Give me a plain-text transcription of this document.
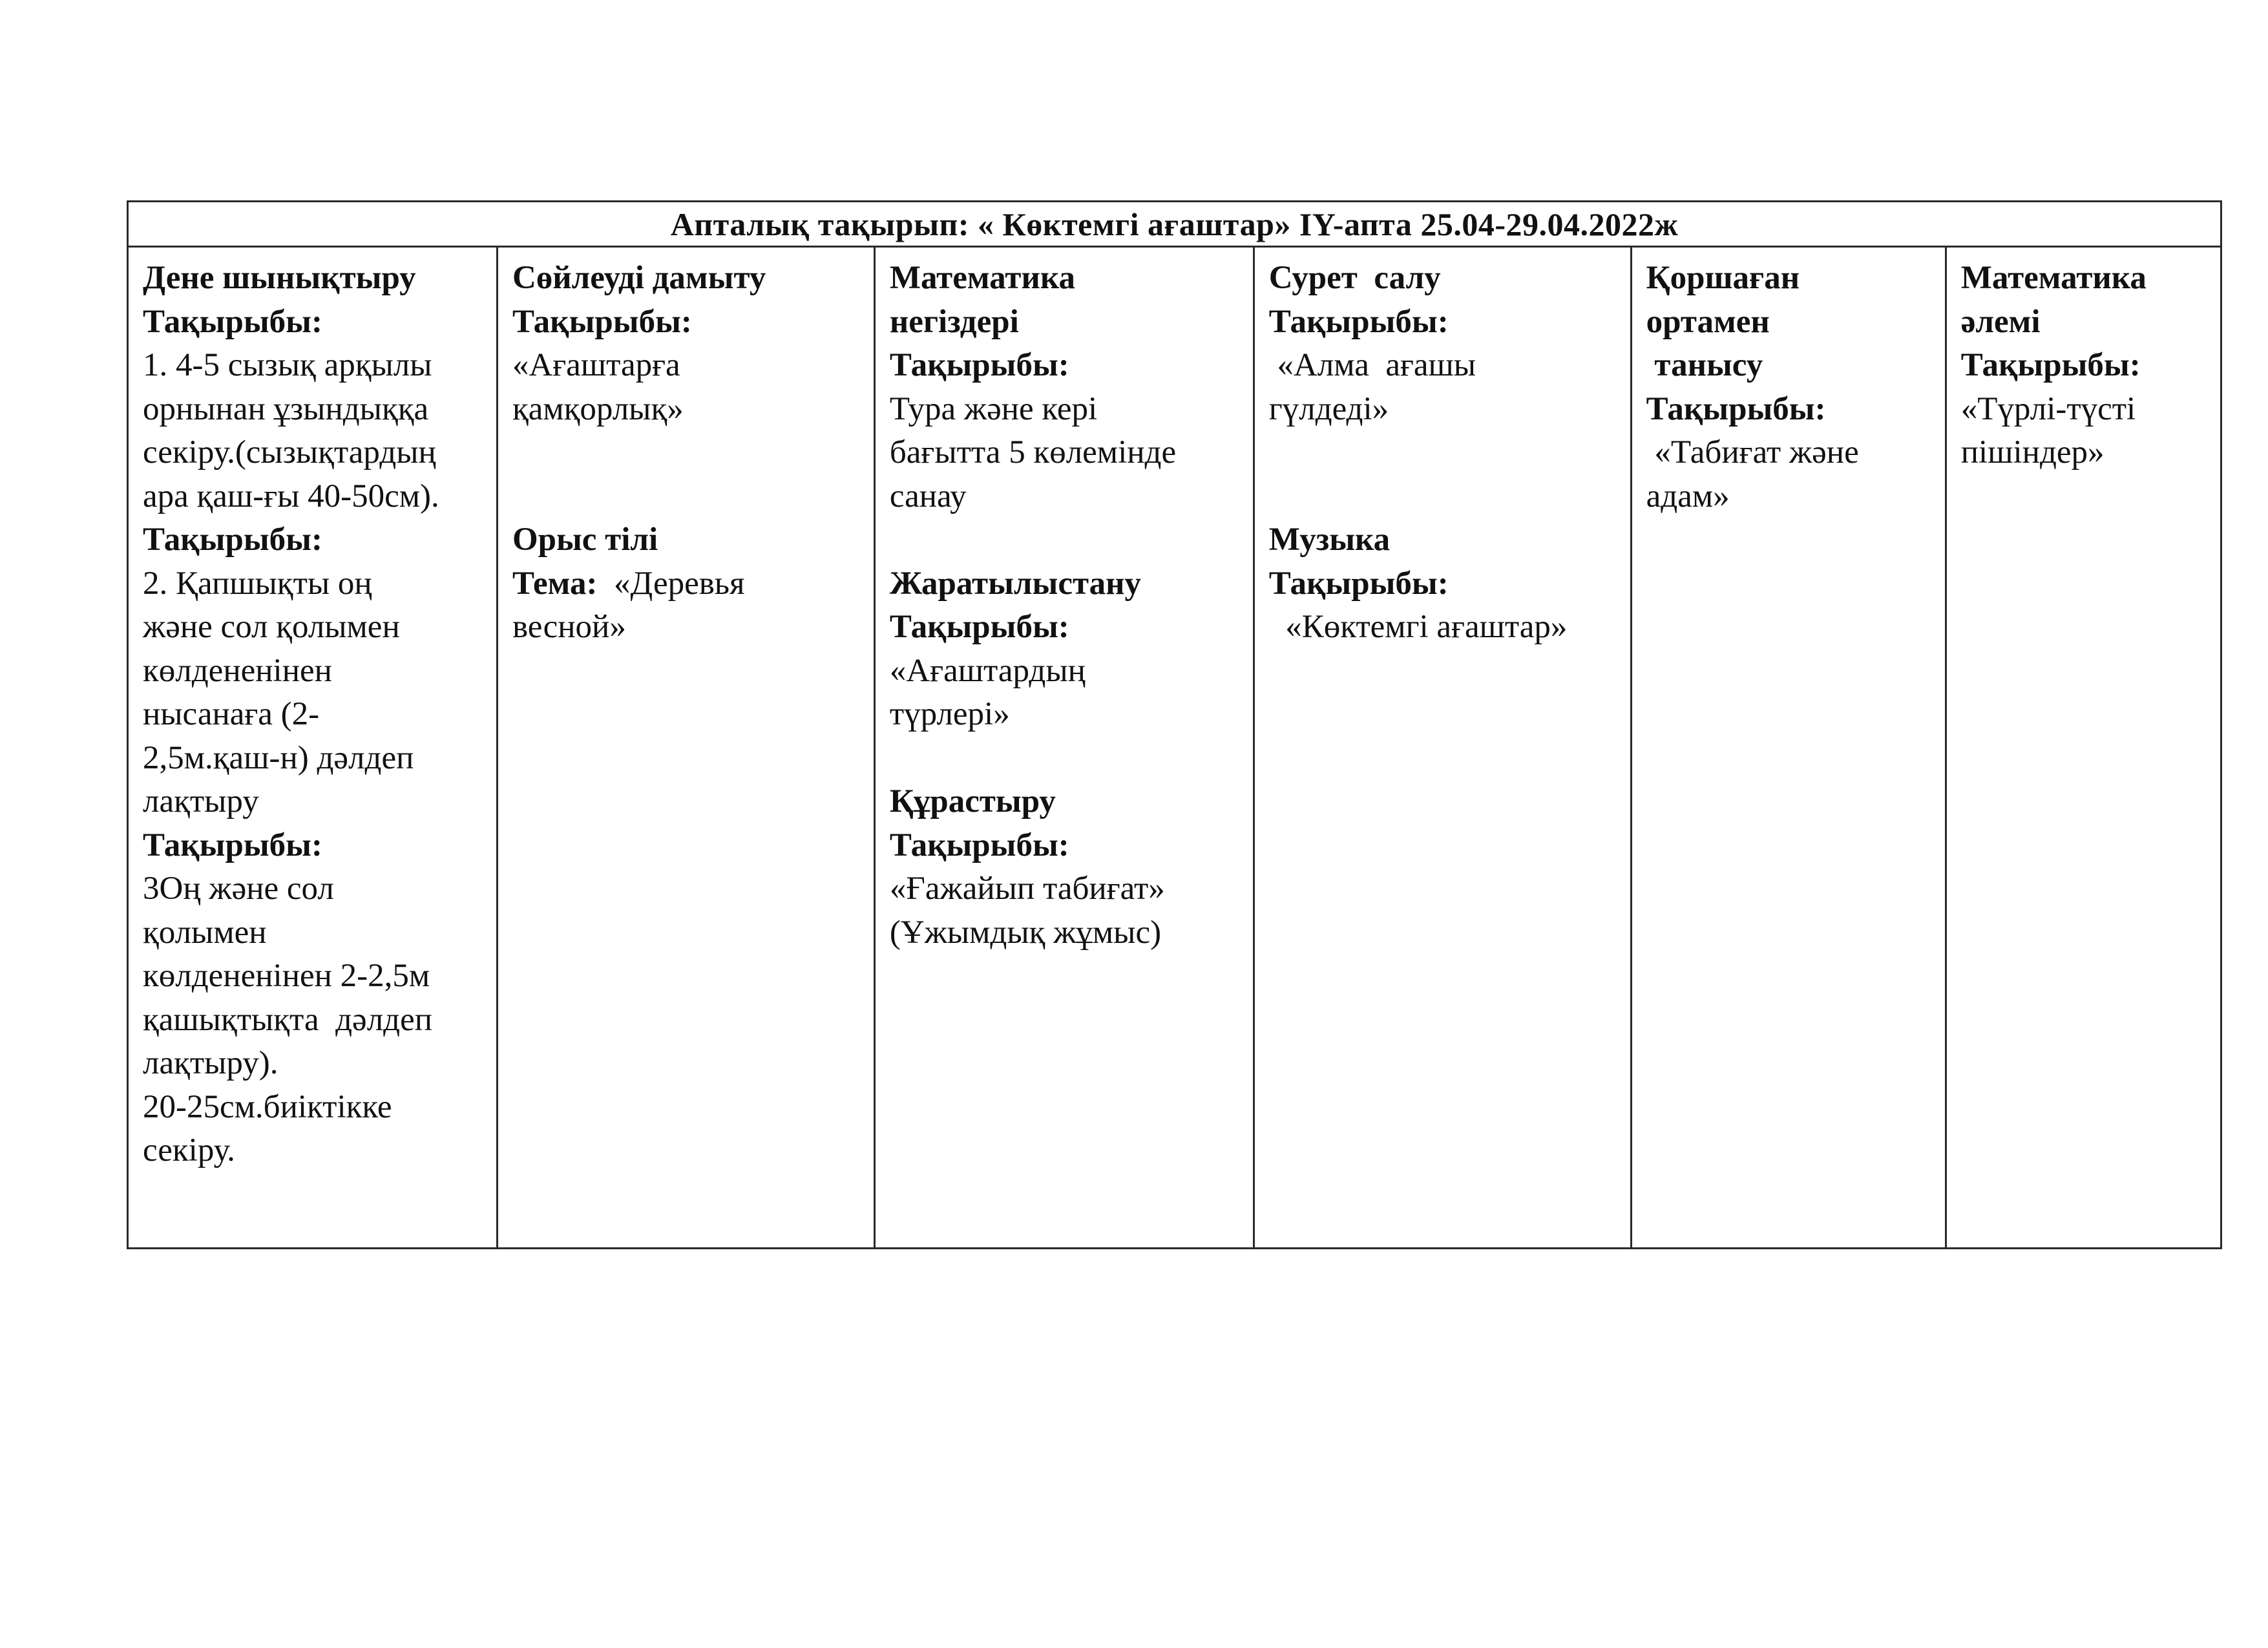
Апталық тақырып: « Көктемгі ағаштар» IY-апта 25.04-29.04.2022ж
Дене шынықтыру
Тақырыбы:
1. 4-5 сызық арқылы
орнынан ұзындыққа
секіру.(сызықтардың
ара қаш-ғы 40-50см).
Тақырыбы:
2. Қапшықты оң
және сол қолымен
көлдененінен
нысанаға (2-
2,5м.қаш-н) дәлдеп
лақтыру
Тақырыбы:
3Оң және сол
қолымен
көлдененінен 2-2,5м
қашықтықта  дәлдеп
лақтыру).
20-25см.биіктікке
секіру.
Сөйлеуді дамыту
Тақырыбы:
«Ағаштарға
қамқорлық»
Орыс тілі
Тема:  «Деревья
весной»
Математика
негіздері
Тақырыбы:
Тура және кері
бағытта 5 көлемінде
санау
Жаратылыстану
Тақырыбы:
«Ағаштардың
түрлері»
Құрастыру
Тақырыбы:
«Ғажайып табиғат»
(Ұжымдық жұмыс)
Сурет  салу
Тақырыбы:
«Алма  ағашы
гүлдеді»
Музыка
Тақырыбы:
«Көктемгі ағаштар»
Қоршаған
ортамен
танысу
Тақырыбы:
«Табиғат және
адам»
Математика
әлемі
Тақырыбы:
«Түрлі-түсті
пішіндер»
